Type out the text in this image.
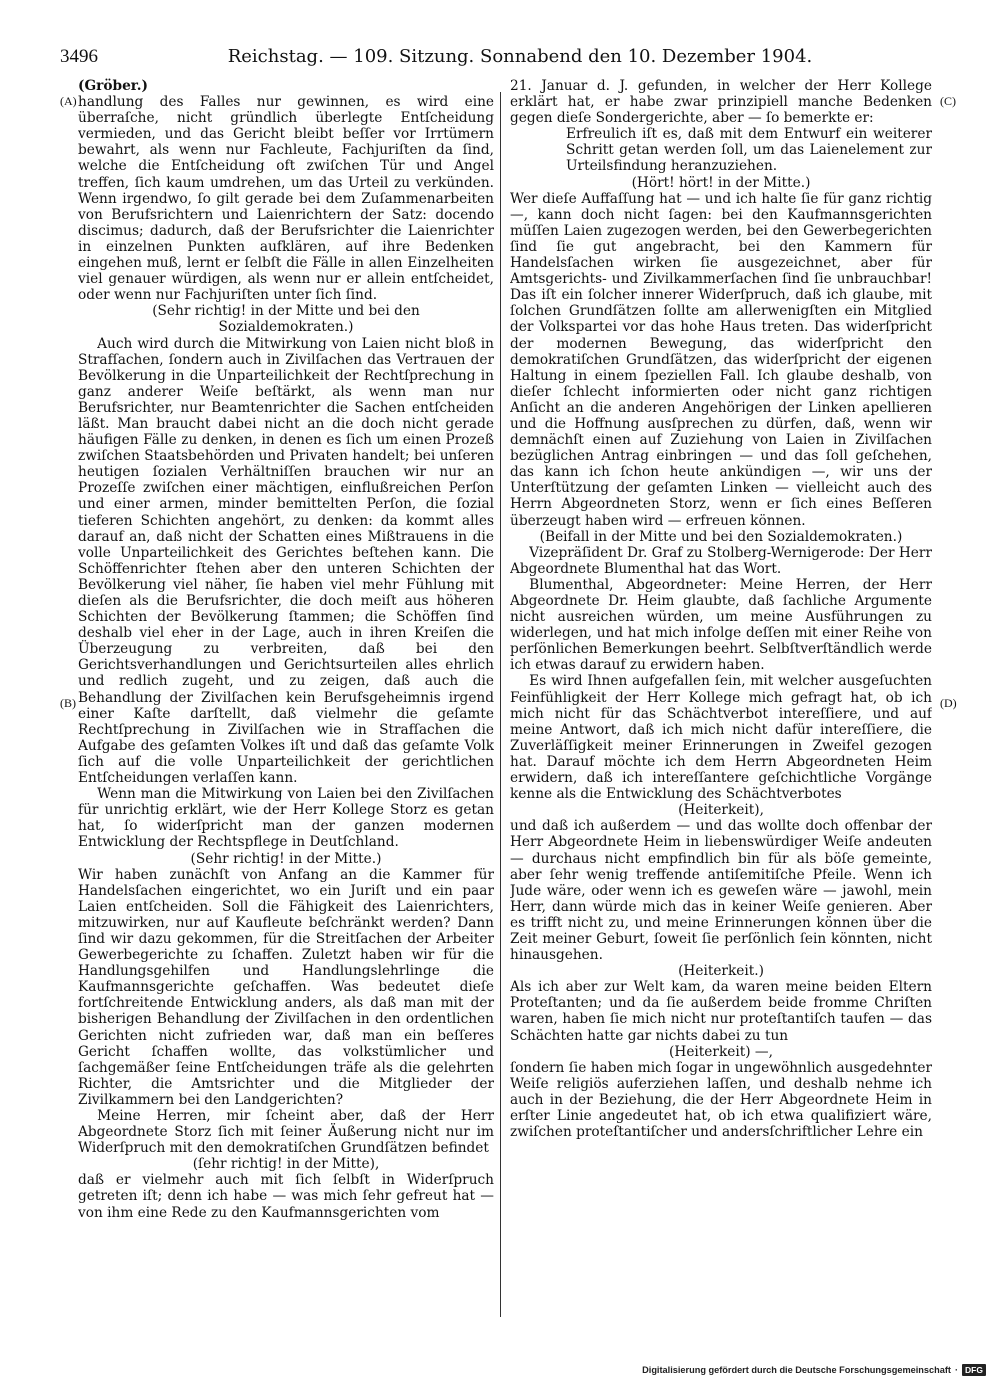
3496	Reichstag. — 109. Sitzung. Sonnabend den 10. Dezember 1904.
(A)
(B)
(C)
(D)

(Gröber.)

handlung des Falles nur gewinnen, es wird eine überraſche, nicht gründlich überlegte Entſcheidung vermieden, und das Gericht bleibt beſſer vor Irrtümern bewahrt, als wenn nur Fachleute, Fachjuriſten da ſind, welche die Entſcheidung oft zwiſchen Tür und Angel treffen, ſich kaum umdrehen, um das Urteil zu verkünden. Wenn irgendwo, ſo gilt gerade bei dem Zuſammenarbeiten von Berufsrichtern und Laienrichtern der Satz: docendo discimus; dadurch, daß der Berufsrichter die Laienrichter in einzelnen Punkten aufklären, auf ihre Bedenken eingehen muß, lernt er ſelbſt die Fälle in allen Einzelheiten viel genauer würdigen, als wenn nur er allein entſcheidet, oder wenn nur Fachjuriſten unter ſich ſind.

(Sehr richtig! in der Mitte und bei den Sozialdemokraten.)

Auch wird durch die Mitwirkung von Laien nicht bloß in Strafſachen, ſondern auch in Zivilſachen das Vertrauen der Bevölkerung in die Unparteilichkeit der Rechtſprechung in ganz anderer Weiſe beſtärkt, als wenn man nur Berufsrichter, nur Beamtenrichter die Sachen entſcheiden läßt. Man braucht dabei nicht an die doch nicht gerade häufigen Fälle zu denken, in denen es ſich um einen Prozeß zwiſchen Staatsbehörden und Privaten handelt; bei unſeren heutigen ſozialen Verhältniſſen brauchen wir nur an Prozeſſe zwiſchen einer mächtigen, einflußreichen Perſon und einer armen, minder bemittelten Perſon, die ſozial tieferen Schichten angehört, zu denken: da kommt alles darauf an, daß nicht der Schatten eines Mißtrauens in die volle Unparteilichkeit des Gerichtes beſtehen kann. Die Schöffenrichter ſtehen aber den unteren Schichten der Bevölkerung viel näher, ſie haben viel mehr Fühlung mit dieſen als die Berufsrichter, die doch meiſt aus höheren Schichten der Bevölkerung ſtammen; die Schöffen ſind deshalb viel eher in der Lage, auch in ihren Kreiſen die Überzeugung zu verbreiten, daß bei den Gerichtsverhandlungen und Gerichtsurteilen alles ehrlich und redlich zugeht, und zu zeigen, daß auch die Behandlung der Zivilſachen kein Berufsgeheimnis irgend einer Kaſte darſtellt, daß vielmehr die geſamte Rechtſprechung in Zivilſachen wie in Strafſachen die Aufgabe des geſamten Volkes iſt und daß das geſamte Volk ſich auf die volle Unparteilichkeit der gerichtlichen Entſcheidungen verlaſſen kann.

Wenn man die Mitwirkung von Laien bei den Zivilſachen für unrichtig erklärt, wie der Herr Kollege Storz es getan hat, ſo widerſpricht man der ganzen modernen Entwicklung der Rechtspflege in Deutſchland.

(Sehr richtig! in der Mitte.)

Wir haben zunächſt von Anfang an die Kammer für Handelsſachen eingerichtet, wo ein Juriſt und ein paar Laien entſcheiden. Soll die Fähigkeit des Laienrichters, mitzuwirken, nur auf Kaufleute beſchränkt werden? Dann ſind wir dazu gekommen, für die Streitſachen der Arbeiter Gewerbegerichte zu ſchaffen. Zuletzt haben wir für die Handlungsgehilfen und Handlungslehrlinge die Kaufmannsgerichte geſchaffen. Was bedeutet dieſe fortſchreitende Entwicklung anders, als daß man mit der bisherigen Behandlung der Zivilſachen in den ordentlichen Gerichten nicht zufrieden war, daß man ein beſſeres Gericht ſchaffen wollte, das volkstümlicher und ſachgemäßer ſeine Entſcheidungen träfe als die gelehrten Richter, die Amtsrichter und die Mitglieder der Zivilkammern bei den Landgerichten?

Meine Herren, mir ſcheint aber, daß der Herr Abgeordnete Storz ſich mit ſeiner Äußerung nicht nur im Widerſpruch mit den demokratiſchen Grundſätzen befindet

(ſehr richtig! in der Mitte),

daß er vielmehr auch mit ſich ſelbſt in Widerſpruch getreten iſt; denn ich habe — was mich ſehr gefreut hat — von ihm eine Rede zu den Kaufmannsgerichten vom

21. Januar d. J. gefunden, in welcher der Herr Kollege erklärt hat, er habe zwar prinzipiell manche Bedenken gegen dieſe Sondergerichte, aber — ſo bemerkte er:

Erfreulich iſt es, daß mit dem Entwurf ein weiterer Schritt getan werden ſoll, um das Laienelement zur Urteilsfindung heranzuziehen.

(Hört! hört! in der Mitte.)

Wer dieſe Auffaſſung hat — und ich halte ſie für ganz richtig —, kann doch nicht ſagen: bei den Kaufmannsgerichten müſſen Laien zugezogen werden, bei den Gewerbegerichten ſind ſie gut angebracht, bei den Kammern für Handelsſachen wirken ſie ausgezeichnet, aber für Amtsgerichts- und Zivilkammerſachen ſind ſie unbrauchbar! Das iſt ein ſolcher innerer Widerſpruch, daß ich glaube, mit ſolchen Grundſätzen ſollte am allerwenigſten ein Mitglied der Volkspartei vor das hohe Haus treten. Das widerſpricht der modernen Bewegung, das widerſpricht den demokratiſchen Grundſätzen, das widerſpricht der eigenen Haltung in einem ſpeziellen Fall. Ich glaube deshalb, von dieſer ſchlecht informierten oder nicht ganz richtigen Anſicht an die anderen Angehörigen der Linken apellieren und die Hoffnung ausſprechen zu dürfen, daß, wenn wir demnächſt einen auf Zuziehung von Laien in Zivilſachen bezüglichen Antrag einbringen — und das ſoll geſchehen, das kann ich ſchon heute ankündigen —, wir uns der Unterſtützung der geſamten Linken — vielleicht auch des Herrn Abgeordneten Storz, wenn er ſich eines Beſſeren überzeugt haben wird — erfreuen können.

(Beifall in der Mitte und bei den Sozialdemokraten.)

Vizepräſident Dr. Graf zu Stolberg-Wernigerode: Der Herr Abgeordnete Blumenthal hat das Wort.

Blumenthal, Abgeordneter: Meine Herren, der Herr Abgeordnete Dr. Heim glaubte, daß ſachliche Argumente nicht ausreichen würden, um meine Ausführungen zu widerlegen, und hat mich infolge deſſen mit einer Reihe von perſönlichen Bemerkungen beehrt. Selbſtverſtändlich werde ich etwas darauf zu erwidern haben.

Es wird Ihnen aufgefallen ſein, mit welcher ausgeſuchten Feinfühligkeit der Herr Kollege mich gefragt hat, ob ich mich nicht für das Schächtverbot intereſſiere, und auf meine Antwort, daß ich mich nicht dafür intereſſiere, die Zuverläſſigkeit meiner Erinnerungen in Zweifel gezogen hat. Darauf möchte ich dem Herrn Abgeordneten Heim erwidern, daß ich intereſſantere geſchichtliche Vorgänge kenne als die Entwicklung des Schächtverbotes

(Heiterkeit),

und daß ich außerdem — und das wollte doch offenbar der Herr Abgeordnete Heim in liebenswürdiger Weiſe andeuten — durchaus nicht empfindlich bin für als böſe gemeinte, aber ſehr wenig treffende antiſemitiſche Pfeile. Wenn ich Jude wäre, oder wenn ich es geweſen wäre — jawohl, mein Herr, dann würde mich das in keiner Weiſe genieren. Aber es trifft nicht zu, und meine Erinnerungen können über die Zeit meiner Geburt, ſoweit ſie perſönlich ſein könnten, nicht hinausgehen.

(Heiterkeit.)

Als ich aber zur Welt kam, da waren meine beiden Eltern Proteſtanten; und da ſie außerdem beide fromme Chriſten waren, haben ſie mich nicht nur proteſtantiſch taufen — das Schächten hatte gar nichts dabei zu tun

(Heiterkeit) —,

ſondern ſie haben mich ſogar in ungewöhnlich ausgedehnter Weiſe religiös auferziehen laſſen, und deshalb nehme ich auch in der Beziehung, die der Herr Abgeordnete Heim in erſter Linie angedeutet hat, ob ich etwa qualifiziert wäre, zwiſchen proteſtantiſcher und andersſchriftlicher Lehre ein

Digitalisierung gefördert durch die Deutsche Forschungsgemeinschaft · DFG
